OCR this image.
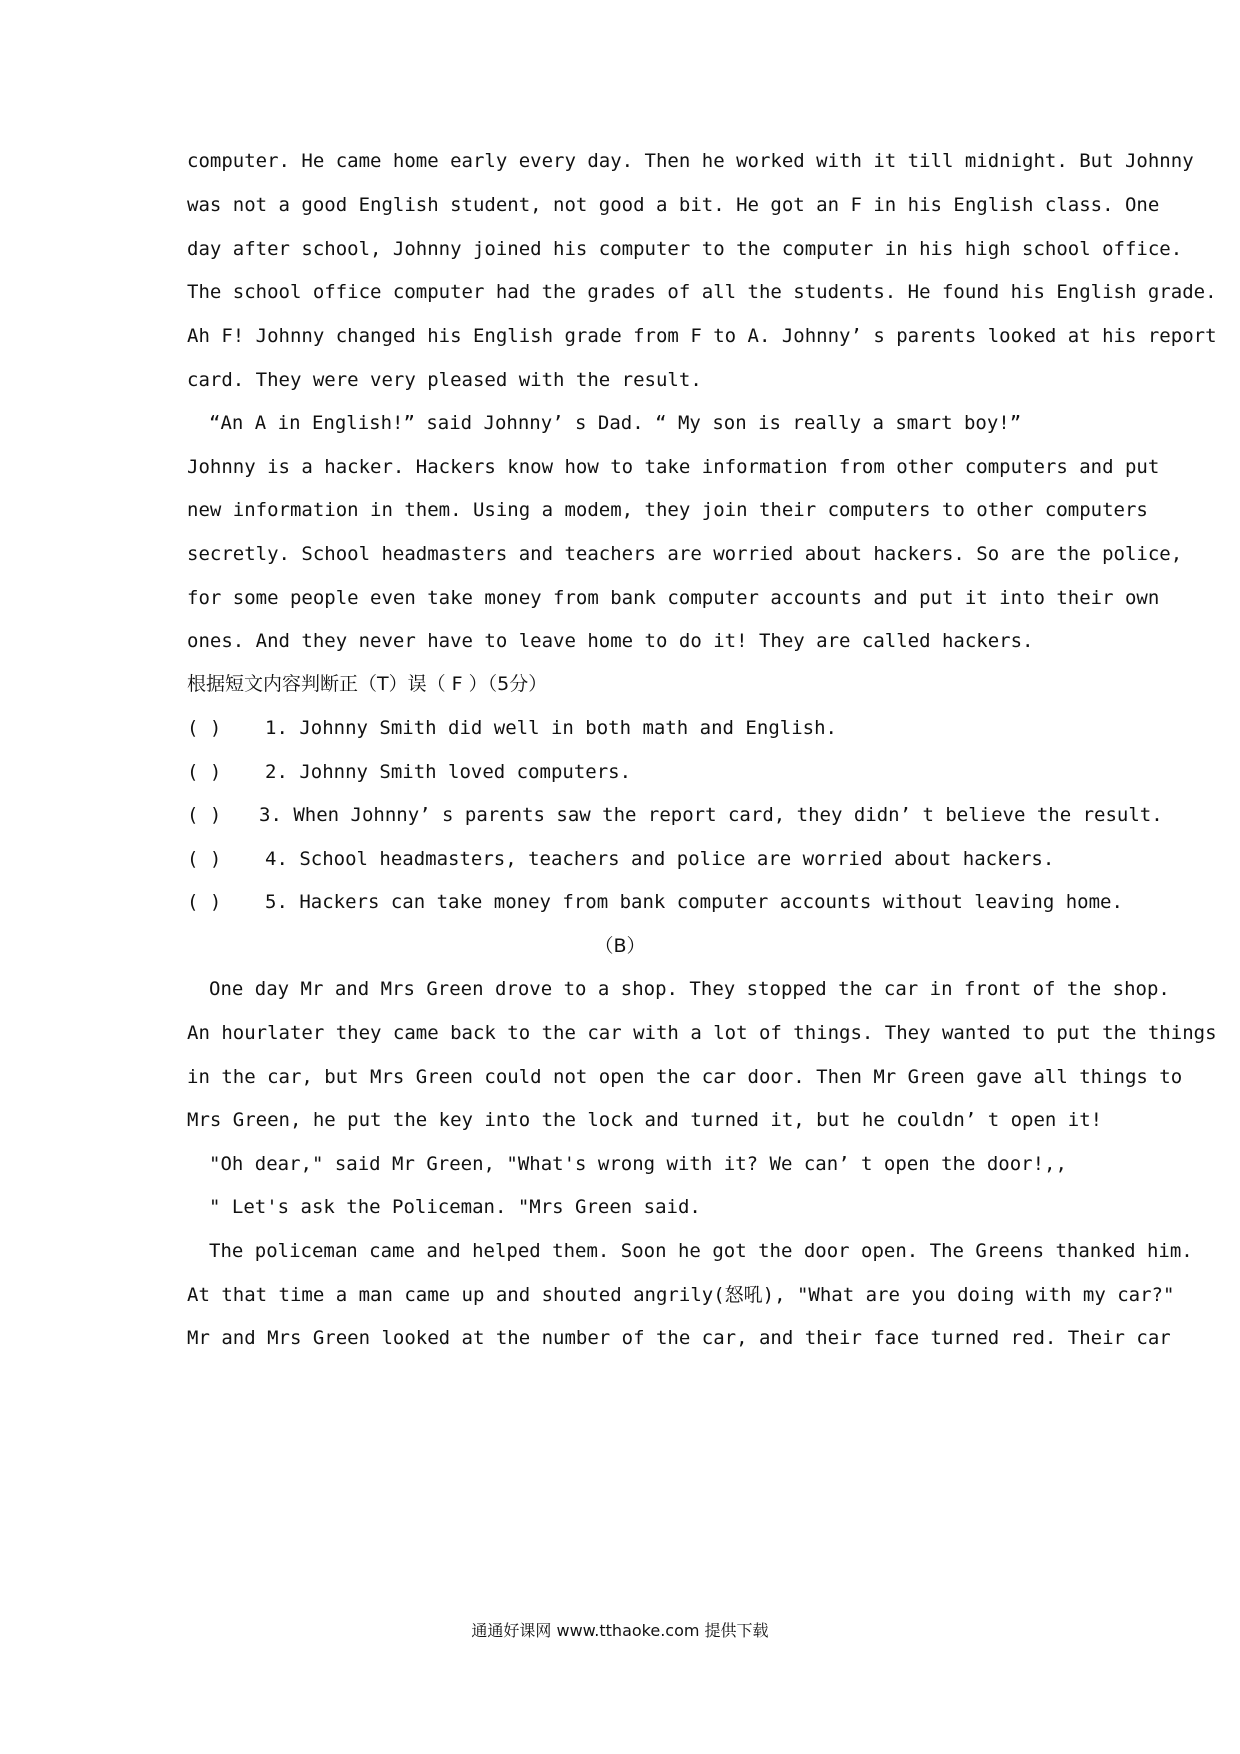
computer. He came home early every day. Then he worked with it till midnight. But Johnny
was not a good English student, not good a bit. He got an F in his English class. One
day after school, Johnny joined his computer to the computer in his high school office.
The school office computer had the grades of all the students. He found his English grade.
Ah F! Johnny changed his English grade from F to A. Johnny’ s parents looked at his report
card. They were very pleased with the result.
“An A in English!” said Johnny’ s Dad. “ My son is really a smart boy!”
Johnny is a hacker. Hackers know how to take information from other computers and put
new information in them. Using a modem, they join their computers to other computers
secretly. School headmasters and teachers are worried about hackers. So are the police,
for some people even take money from bank computer accounts and put it into their own
ones. And they never have to leave home to do it! They are called hackers.
根据短文内容判断正（T）误（ F ）（5分）
( ) 1. Johnny Smith did well in both math and English.
( ) 2. Johnny Smith loved computers.
( ) 3. When Johnny’ s parents saw the report card, they didn’ t believe the result.
( ) 4. School headmasters, teachers and police are worried about hackers.
( ) 5. Hackers can take money from bank computer accounts without leaving home.
（B）
One day Mr and Mrs Green drove to a shop. They stopped the car in front of the shop.
An hourlater they came back to the car with a lot of things. They wanted to put the things
in the car, but Mrs Green could not open the car door. Then Mr Green gave all things to
Mrs Green, he put the key into the lock and turned it, but he couldn’ t open it!
"Oh dear," said Mr Green, "What's wrong with it? We can’ t open the door!,,
" Let's ask the Policeman. "Mrs Green said.
The policeman came and helped them. Soon he got the door open. The Greens thanked him.
At that time a man came up and shouted angrily(怒吼), "What are you doing with my car?"
Mr and Mrs Green looked at the number of the car, and their face turned red. Their car
通通好课网 www.tthaoke.com 提供下载
